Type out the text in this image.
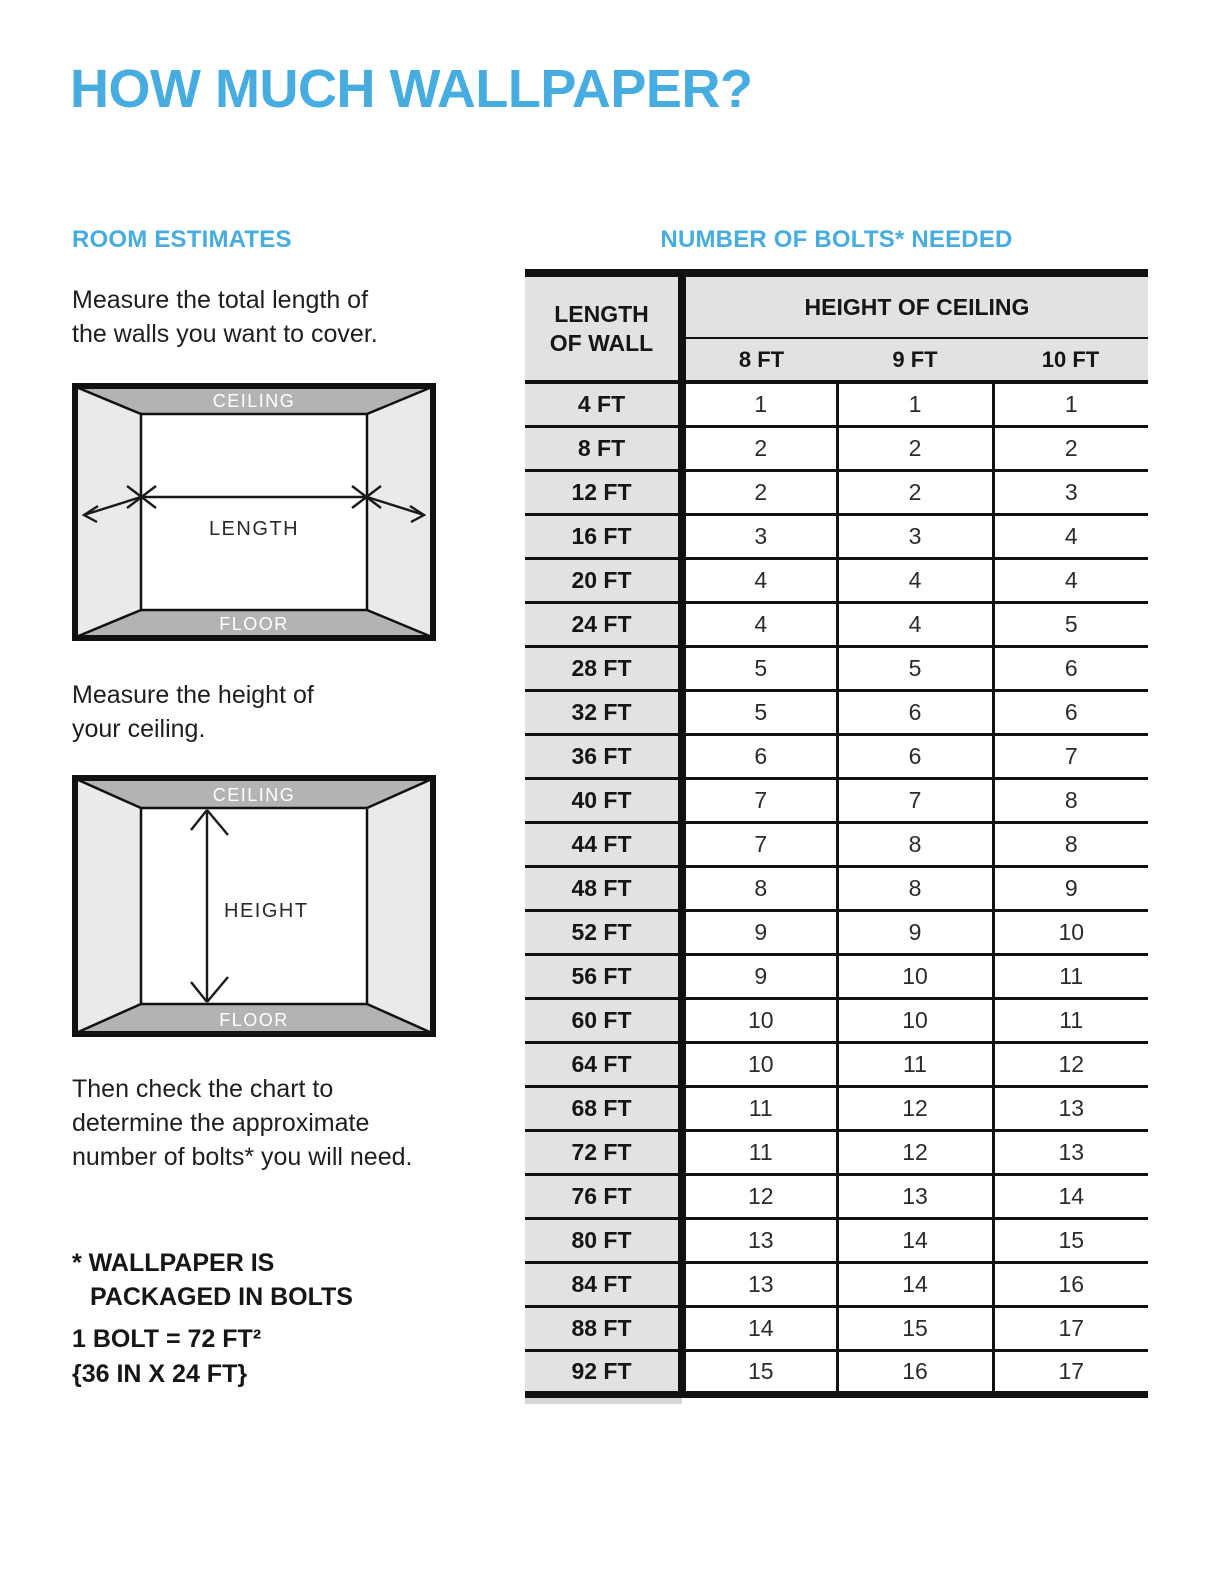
HOW MUCH WALLPAPER?
ROOM ESTIMATES	NUMBER OF BOLTS* NEEDED

Measure the total length of
the walls you want to cover.

CEILING
FLOOR
LENGTH

Measure the height of
your ceiling.

CEILING
FLOOR
HEIGHT

Then check the chart to
determine the approximate
number of bolts* you will need.

* WALLPAPER IS
PACKAGED IN BOLTS
1 BOLT = 72 FT²
{36 IN X 24 FT}
LENGTH
OF WALL	HEIGHT OF CEILING		
	8 FT	9 FT	10 FT
4 FT	1	1	1
8 FT	2	2	2
12 FT	2	2	3
16 FT	3	3	4
20 FT	4	4	4
24 FT	4	4	5
28 FT	5	5	6
32 FT	5	6	6
36 FT	6	6	7
40 FT	7	7	8
44 FT	7	8	8
48 FT	8	8	9
52 FT	9	9	10
56 FT	9	10	11
60 FT	10	10	11
64 FT	10	11	12
68 FT	11	12	13
72 FT	11	12	13
76 FT	12	13	14
80 FT	13	14	15
84 FT	13	14	16
88 FT	14	15	17
92 FT	15	16	17
